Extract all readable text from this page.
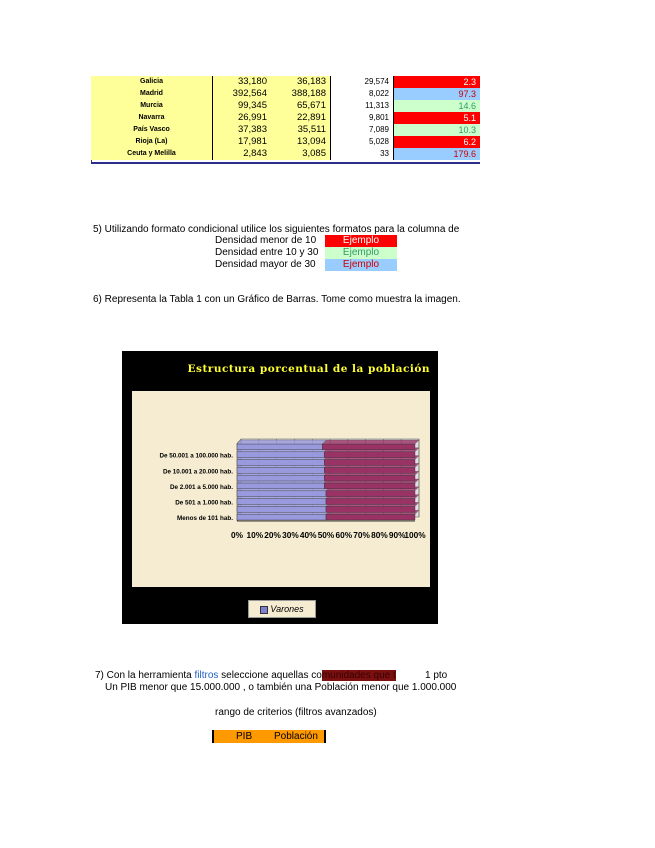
Galicia	33,180	36,183	29,574	2.3
Madrid	392,564	388,188	8,022	97.3
Murcia	99,345	65,671	11,313	14.6
Navarra	26,991	22,891	9,801	5.1
País Vasco	37,383	35,511	7,089	10.3
Rioja (La)	17,981	13,094	5,028	6.2
Ceuta y Melilla	2,843	3,085	33	179.6
5) Utilizando formato condicional utilice los siguientes formatos para la columna de
Densidad menor de 10	Ejemplo
Densidad entre 10 y 30	Ejemplo
Densidad mayor de 30	Ejemplo
6) Representa la Tabla 1 con un Gráfico de Barras. Tome como muestra la imagen.
Estructura porcentual de la población
Menos de 101 hab.
De 501 a 1.000 hab.
De 2.001 a 5.000 hab.
De 10.001 a 20.000 hab.
De 50.001 a 100.000 hab.
0% 10% 20% 30% 40% 50% 60% 70% 80% 90%
100%
Varones
7) Con la herramienta filtros seleccione aquellas comunidades que t	1 pto
Un PIB menor que 15.000.000 , o también una Población menor que 1.000.000
rango de criterios (filtros avanzados)
PIB Población
